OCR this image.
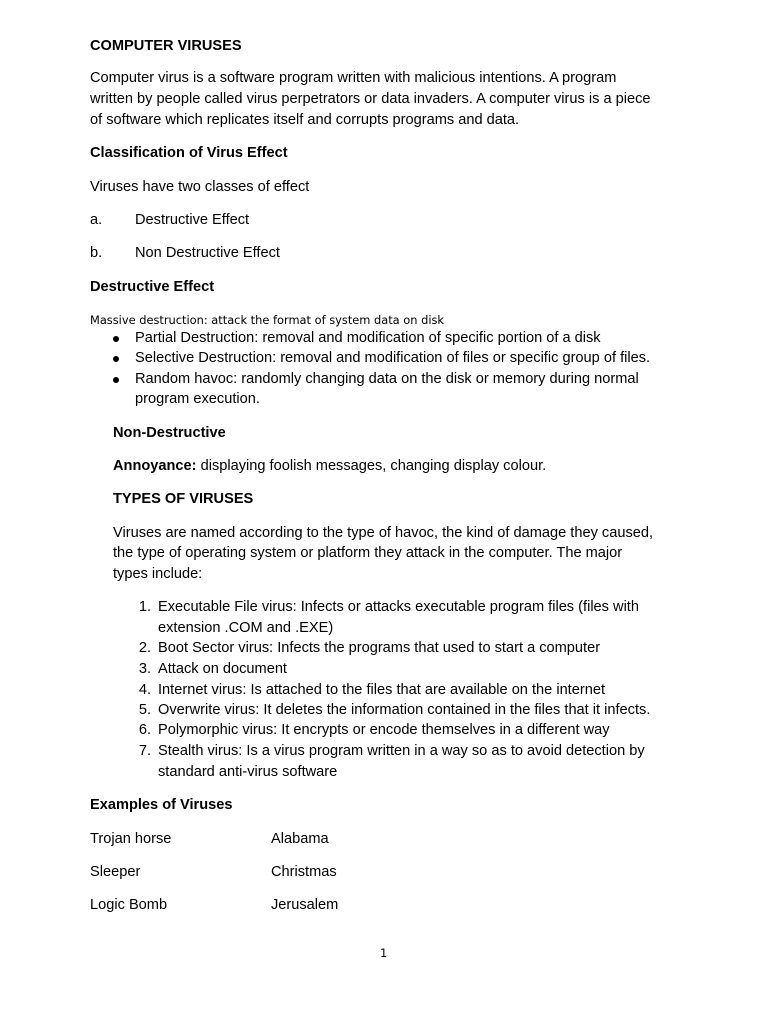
COMPUTER VIRUSES
Computer virus is a software program written with malicious intentions. A program
written by people called virus perpetrators or data invaders. A computer virus is a piece
of software which replicates itself and corrupts programs and data.
Classification of Virus Effect
Viruses have two classes of effect
a. Destructive Effect
b. Non Destructive Effect
Destructive Effect
Massive destruction: attack the format of system data on disk
Partial Destruction: removal and modification of specific portion of a disk
Selective Destruction: removal and modification of files or specific group of files.
Random havoc: randomly changing data on the disk or memory during normal
program execution.
Non-Destructive
Annoyance: displaying foolish messages, changing display colour.
TYPES OF VIRUSES
Viruses are named according to the type of havoc, the kind of damage they caused,
the type of operating system or platform they attack in the computer. The major
types include:
1. Executable File virus: Infects or attacks executable program files (files with
extension .COM and .EXE)
2. Boot Sector virus: Infects the programs that used to start a computer
3. Attack on document
4. Internet virus: Is attached to the files that are available on the internet
5. Overwrite virus: It deletes the information contained in the files that it infects.
6. Polymorphic virus: It encrypts or encode themselves in a different way
7. Stealth virus: Is a virus program written in a way so as to avoid detection by
standard anti-virus software
Examples of Viruses
Trojan horse	Alabama
Sleeper	Christmas
Logic Bomb	Jerusalem
1
